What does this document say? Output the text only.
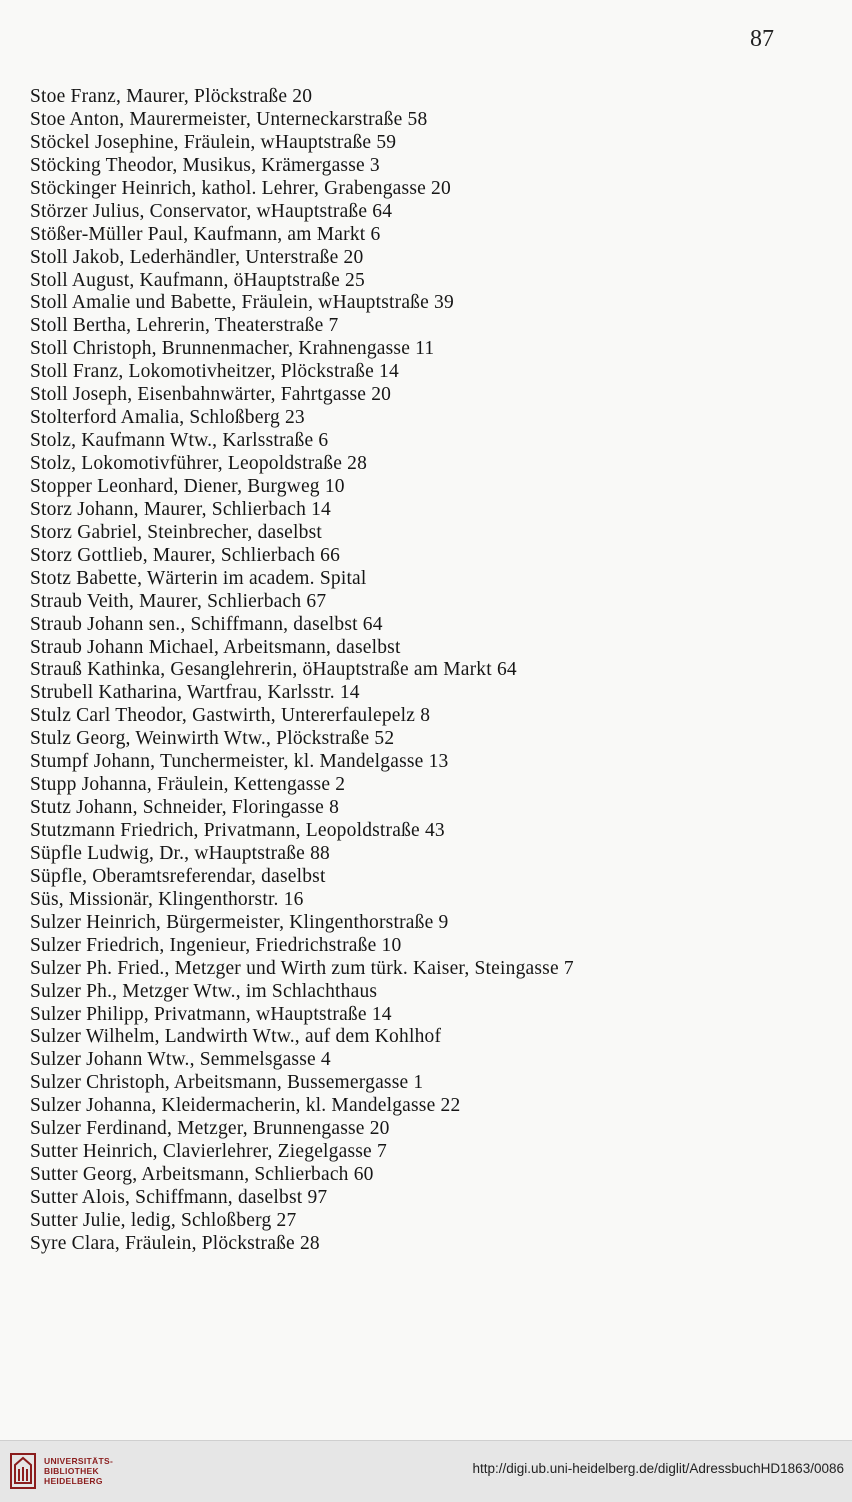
87
Stoe Franz, Maurer, Plöckstraße 20
Stoe Anton, Maurermeister, Unterneckarstraße 58
Stöckel Josephine, Fräulein, wHauptstraße 59
Stöcking Theodor, Musikus, Krämergasse 3
Stöckinger Heinrich, kathol. Lehrer, Grabengasse 20
Störzer Julius, Conservator, wHauptstraße 64
Stößer-Müller Paul, Kaufmann, am Markt 6
Stoll Jakob, Lederhändler, Unterstraße 20
Stoll August, Kaufmann, öHauptstraße 25
Stoll Amalie und Babette, Fräulein, wHauptstraße 39
Stoll Bertha, Lehrerin, Theaterstraße 7
Stoll Christoph, Brunnenmacher, Krahnengasse 11
Stoll Franz, Lokomotivheitzer, Plöckstraße 14
Stoll Joseph, Eisenbahnwärter, Fahrtgasse 20
Stolterford Amalia, Schloßberg 23
Stolz, Kaufmann Wtw., Karlsstraße 6
Stolz, Lokomotivführer, Leopoldstraße 28
Stopper Leonhard, Diener, Burgweg 10
Storz Johann, Maurer, Schlierbach 14
Storz Gabriel, Steinbrecher, daselbst
Storz Gottlieb, Maurer, Schlierbach 66
Stotz Babette, Wärterin im academ. Spital
Straub Veith, Maurer, Schlierbach 67
Straub Johann sen., Schiffmann, daselbst 64
Straub Johann Michael, Arbeitsmann, daselbst
Strauß Kathinka, Gesanglehrerin, öHauptstraße am Markt 64
Strubell Katharina, Wartfrau, Karlsstr. 14
Stulz Carl Theodor, Gastwirth, Untererfaulepelz 8
Stulz Georg, Weinwirth Wtw., Plöckstraße 52
Stumpf Johann, Tunchermeister, kl. Mandelgasse 13
Stupp Johanna, Fräulein, Kettengasse 2
Stutz Johann, Schneider, Floringasse 8
Stutzmann Friedrich, Privatmann, Leopoldstraße 43
Süpfle Ludwig, Dr., wHauptstraße 88
Süpfle, Oberamtsreferendar, daselbst
Süs, Missionär, Klingenthorstr. 16
Sulzer Heinrich, Bürgermeister, Klingenthorstraße 9
Sulzer Friedrich, Ingenieur, Friedrichstraße 10
Sulzer Ph. Fried., Metzger und Wirth zum türk. Kaiser, Steingasse 7
Sulzer Ph., Metzger Wtw., im Schlachthaus
Sulzer Philipp, Privatmann, wHauptstraße 14
Sulzer Wilhelm, Landwirth Wtw., auf dem Kohlhof
Sulzer Johann Wtw., Semmelsgasse 4
Sulzer Christoph, Arbeitsmann, Bussemergasse 1
Sulzer Johanna, Kleidermacherin, kl. Mandelgasse 22
Sulzer Ferdinand, Metzger, Brunnengasse 20
Sutter Heinrich, Clavierlehrer, Ziegelgasse 7
Sutter Georg, Arbeitsmann, Schlierbach 60
Sutter Alois, Schiffmann, daselbst 97
Sutter Julie, ledig, Schloßberg 27
Syre Clara, Fräulein, Plöckstraße 28
UNIVERSITÄTS-
BIBLIOTHEK
HEIDELBERG
http://digi.ub.uni-heidelberg.de/diglit/AdressbuchHD1863/0086
